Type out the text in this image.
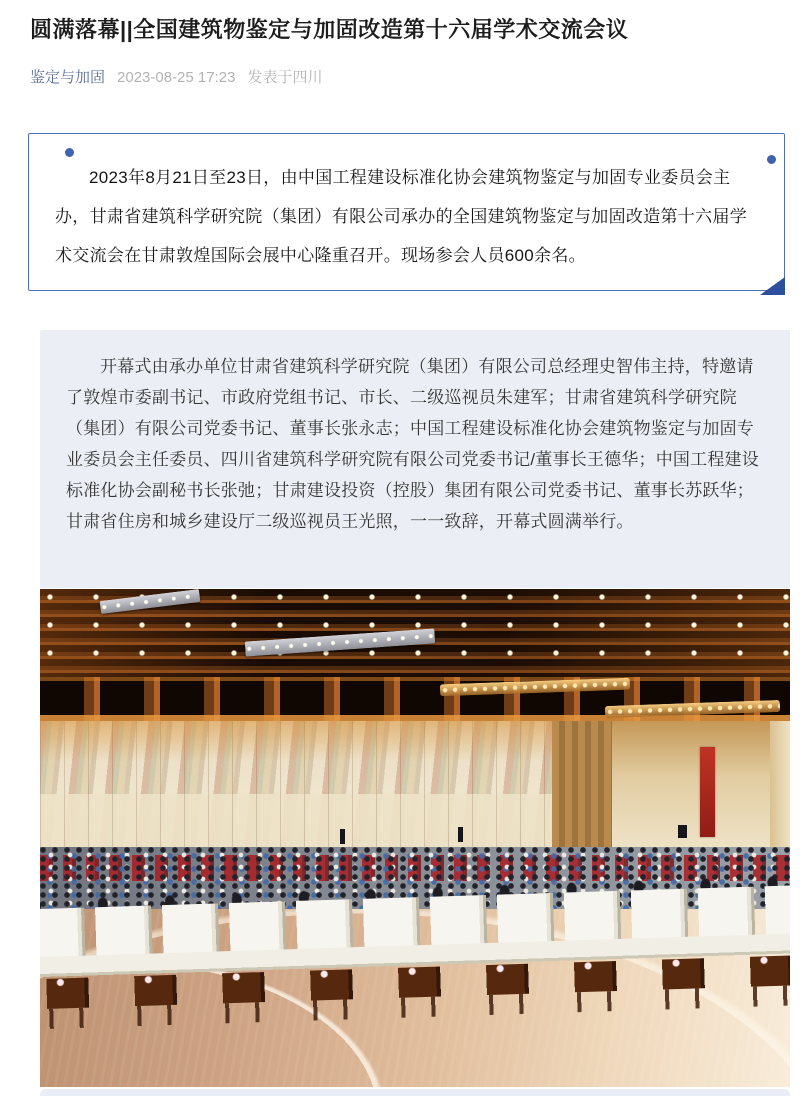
圆满落幕||全国建筑物鉴定与加固改造第十六届学术交流会议
鉴定与加固 2023-08-25 17:23 发表于四川

2023年8月21日至23日，由中国工程建设标准化协会建筑物鉴定与加固专业委员会主办，甘肃省建筑科学研究院（集团）有限公司承办的全国建筑物鉴定与加固改造第十六届学术交流会在甘肃敦煌国际会展中心隆重召开。现场参会人员600余名。

开幕式由承办单位甘肃省建筑科学研究院（集团）有限公司总经理史智伟主持，特邀请了敦煌市委副书记、市政府党组书记、市长、二级巡视员朱建军；甘肃省建筑科学研究院（集团）有限公司党委书记、董事长张永志；中国工程建设标准化协会建筑物鉴定与加固专业委员会主任委员、四川省建筑科学研究院有限公司党委书记/董事长王德华；中国工程建设标准化协会副秘书长张弛；甘肃建设投资（控股）集团有限公司党委书记、董事长苏跃华；甘肃省住房和城乡建设厅二级巡视员王光照，一一致辞，开幕式圆满举行。
